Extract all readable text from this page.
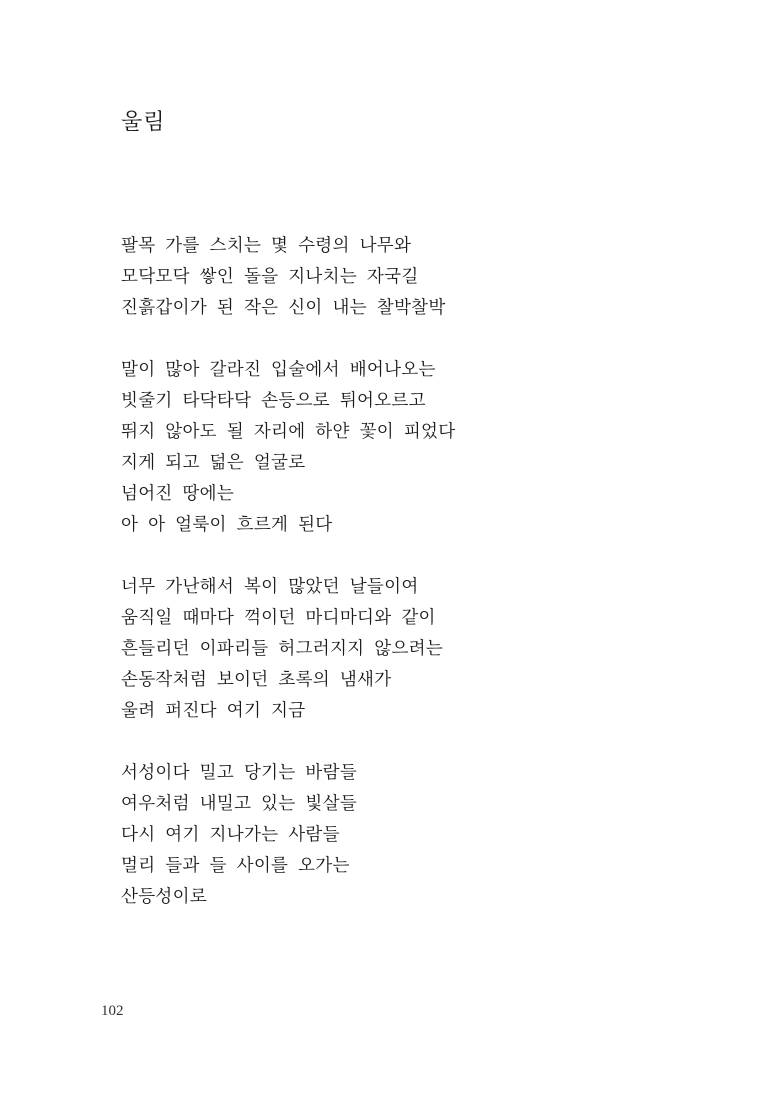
울림
팔목 가를 스치는 몇 수령의 나무와
모닥모닥 쌓인 돌을 지나치는 자국길
진흙갑이가 된 작은 신이 내는 찰박찰박
말이 많아 갈라진 입술에서 배어나오는
빗줄기 타닥타닥 손등으로 튀어오르고
뛰지 않아도 될 자리에 하얀 꽃이 피었다
지게 되고 덞은 얼굴로
넘어진 땅에는
아 아 얼룩이 흐르게 된다
너무 가난해서 복이 많았던 날들이여
움직일 때마다 꺽이던 마디마디와 같이
흔들리던 이파리들 허그러지지 않으려는
손동작처럼 보이던 초록의 냄새가
울려 퍼진다 여기 지금
서성이다 밀고 당기는 바람들
여우처럼 내밀고 있는 빛살들
다시 여기 지나가는 사람들
멀리 들과 들 사이를 오가는
산등성이로
102
